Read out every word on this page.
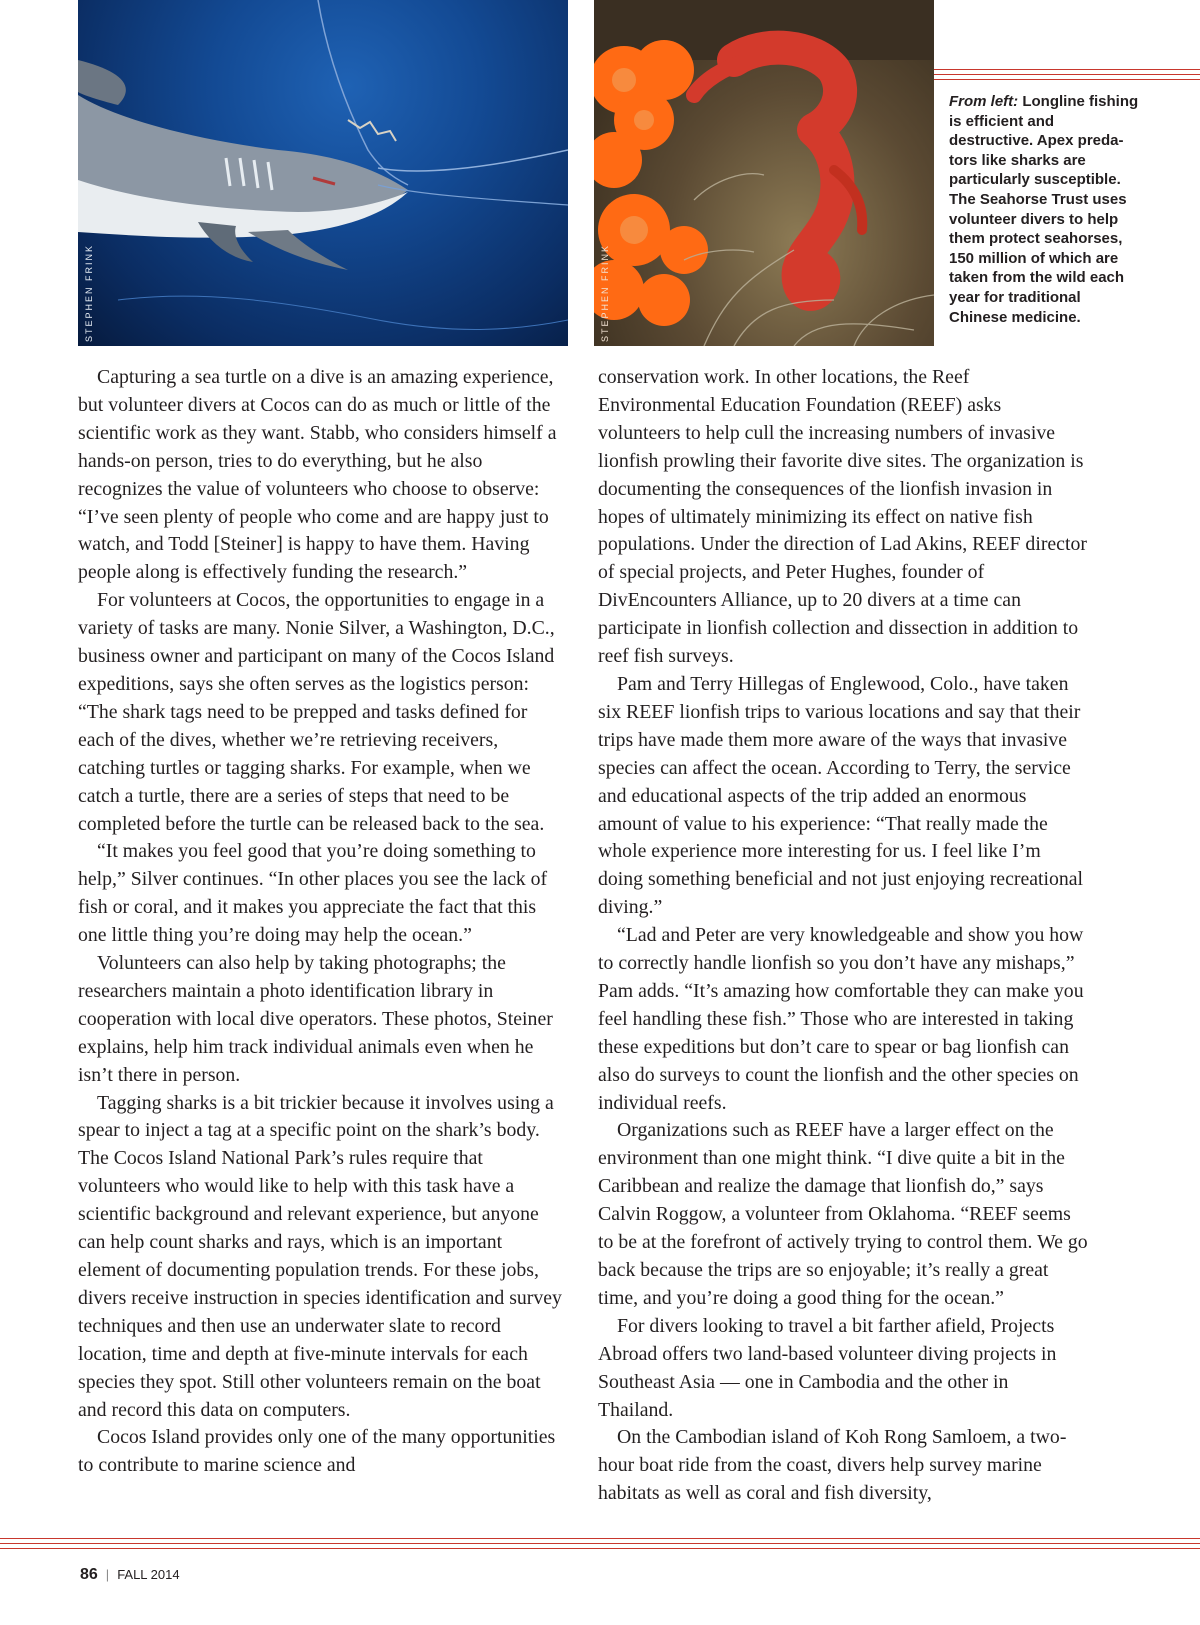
STEPHEN FRINK	STEPHEN FRINK

From left: Longline fishing is efficient and destructive. Apex preda-tors like sharks are particularly susceptible.

The Seahorse Trust uses volunteer divers to help them protect seahorses, 150 million of which are taken from the wild each year for traditional Chinese medicine.

Capturing a sea turtle on a dive is an amazing experience, but volunteer divers at Cocos can do as much or little of the scientific work as they want. Stabb, who considers himself a hands-on person, tries to do everything, but he also recognizes the value of volunteers who choose to observe: “I’ve seen plenty of people who come and are happy just to watch, and Todd [Steiner] is happy to have them. Having people along is effectively funding the research.”

For volunteers at Cocos, the opportunities to engage in a variety of tasks are many. Nonie Silver, a Washington, D.C., business owner and participant on many of the Cocos Island expeditions, says she often serves as the logistics person: “The shark tags need to be prepped and tasks defined for each of the dives, whether we’re retrieving receivers, catching turtles or tagging sharks. For example, when we catch a turtle, there are a series of steps that need to be completed before the turtle can be released back to the sea.

“It makes you feel good that you’re doing something to help,” Silver continues. “In other places you see the lack of fish or coral, and it makes you appreciate the fact that this one little thing you’re doing may help the ocean.”

Volunteers can also help by taking photographs; the researchers maintain a photo identification library in cooperation with local dive operators. These photos, Steiner explains, help him track individual animals even when he isn’t there in person.

Tagging sharks is a bit trickier because it involves using a spear to inject a tag at a specific point on the shark’s body. The Cocos Island National Park’s rules require that volunteers who would like to help with this task have a scientific background and relevant experience, but anyone can help count sharks and rays, which is an important element of documenting population trends. For these jobs, divers receive instruction in species identification and survey techniques and then use an underwater slate to record location, time and depth at five-minute intervals for each species they spot. Still other volunteers remain on the boat and record this data on computers.

Cocos Island provides only one of the many opportunities to contribute to marine science and

conservation work. In other locations, the Reef Environmental Education Foundation (REEF) asks volunteers to help cull the increasing numbers of invasive lionfish prowling their favorite dive sites. The organization is documenting the consequences of the lionfish invasion in hopes of ultimately minimizing its effect on native fish populations. Under the direction of Lad Akins, REEF director of special projects, and Peter Hughes, founder of DivEncounters Alliance, up to 20 divers at a time can participate in lionfish collection and dissection in addition to reef fish surveys.

Pam and Terry Hillegas of Englewood, Colo., have taken six REEF lionfish trips to various locations and say that their trips have made them more aware of the ways that invasive species can affect the ocean. According to Terry, the service and educational aspects of the trip added an enormous amount of value to his experience: “That really made the whole experience more interesting for us. I feel like I’m doing something beneficial and not just enjoying recreational diving.”

“Lad and Peter are very knowledgeable and show you how to correctly handle lionfish so you don’t have any mishaps,” Pam adds. “It’s amazing how comfortable they can make you feel handling these fish.” Those who are interested in taking these expeditions but don’t care to spear or bag lionfish can also do surveys to count the lionfish and the other species on individual reefs.

Organizations such as REEF have a larger effect on the environment than one might think. “I dive quite a bit in the Caribbean and realize the damage that lionfish do,” says Calvin Roggow, a volunteer from Oklahoma. “REEF seems to be at the forefront of actively trying to control them. We go back because the trips are so enjoyable; it’s really a great time, and you’re doing a good thing for the ocean.”

For divers looking to travel a bit farther afield, Projects Abroad offers two land-based volunteer diving projects in Southeast Asia — one in Cambodia and the other in Thailand.

On the Cambodian island of Koh Rong Samloem, a two-hour boat ride from the coast, divers help survey marine habitats as well as coral and fish diversity,

86 | FALL 2014
